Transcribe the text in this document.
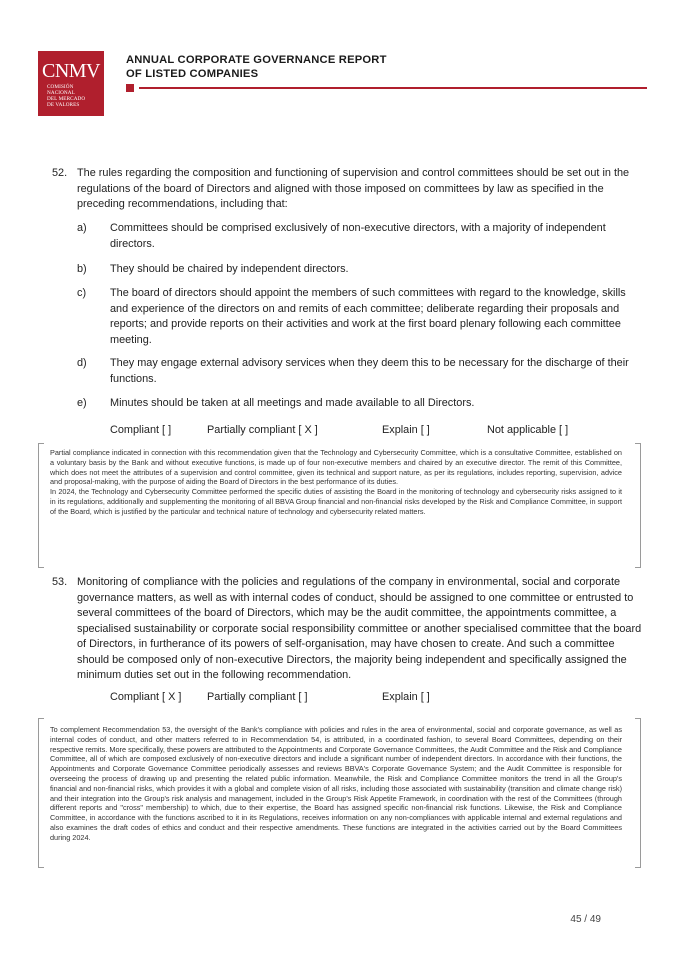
CNMV
COMISIÓN
NACIONAL
DEL MERCADO
DE VALORES
ANNUAL CORPORATE GOVERNANCE REPORT
OF LISTED COMPANIES
52. The rules regarding the composition and functioning of supervision and control committees should be set out in the regulations of the board of Directors and aligned with those imposed on committees by law as specified in the preceding recommendations, including that:
a) Committees should be comprised exclusively of non-executive directors, with a majority of independent directors.
b) They should be chaired by independent directors.
c) The board of directors should appoint the members of such committees with regard to the knowledge, skills and experience of the directors on and remits of each committee; deliberate regarding their proposals and reports; and provide reports on their activities and work at the first board plenary following each committee meeting.
d) They may engage external advisory services when they deem this to be necessary for the discharge of their functions.
e) Minutes should be taken at all meetings and made available to all Directors.
Compliant [ ]	Partially compliant [ X ]	Explain [ ]	Not applicable [ ]

Partial compliance indicated in connection with this recommendation given that the Technology and Cybersecurity Committee, which is a consultative Committee, established on a voluntary basis by the Bank and without executive functions, is made up of four non-executive members and chaired by an executive director. The remit of this Committee, which does not meet the attributes of a supervision and control committee, given its technical and support nature, as per its regulations, includes reporting, supervision, advice and proposal-making, with the purpose of aiding the Board of Directors in the best performance of its duties.

In 2024, the Technology and Cybersecurity Committee performed the specific duties of assisting the Board in the monitoring of technology and cybersecurity risks assigned to it in its regulations, additionally and supplementing the monitoring of all BBVA Group financial and non-financial risks developed by the Risk and Compliance Committee, in support of the Board, which is justified by the particular and technical nature of technology and cybersecurity related matters.

53. Monitoring of compliance with the policies and regulations of the company in environmental, social and corporate governance matters, as well as with internal codes of conduct, should be assigned to one committee or entrusted to several committees of the board of Directors, which may be the audit committee, the appointments committee, a specialised sustainability or corporate social responsibility committee or another specialised committee that the board of Directors, in furtherance of its powers of self-organisation, may have chosen to create. And such a committee should be composed only of non-executive Directors, the majority being independent and specifically assigned the minimum duties set out in the following recommendation.
Compliant [ X ] Partially compliant [ ]	Explain [ ]

To complement Recommendation 53, the oversight of the Bank's compliance with policies and rules in the area of environmental, social and corporate governance, as well as internal codes of conduct, and other matters referred to in Recommendation 54, is attributed, in a coordinated fashion, to several Board Committees, depending on their respective remits. More specifically, these powers are attributed to the Appointments and Corporate Governance Committees, the Audit Committee and the Risk and Compliance Committee, all of which are composed exclusively of non-executive directors and include a significant number of independent directors. In accordance with their functions, the Appointments and Corporate Governance Committee periodically assesses and reviews BBVA's Corporate Governance System; and the Audit Committee is responsible for overseeing the process of drawing up and presenting the related public information. Meanwhile, the Risk and Compliance Committee monitors the trend in all the Group's financial and non-financial risks, which provides it with a global and complete vision of all risks, including those associated with sustainability (transition and climate change risk) and their integration into the Group's risk analysis and management, included in the Group's Risk Appetite Framework, in coordination with the rest of the Committees (through different reports and "cross" membership) to which, due to their expertise, the Board has assigned specific non-financial risk functions. Likewise, the Risk and Compliance Committee, in accordance with the functions ascribed to it in its Regulations, receives information on any non-compliances with applicable internal and external regulations and also examines the draft codes of ethics and conduct and their respective amendments. These functions are integrated in the activities carried out by the Board Committees during 2024.

45 / 49
